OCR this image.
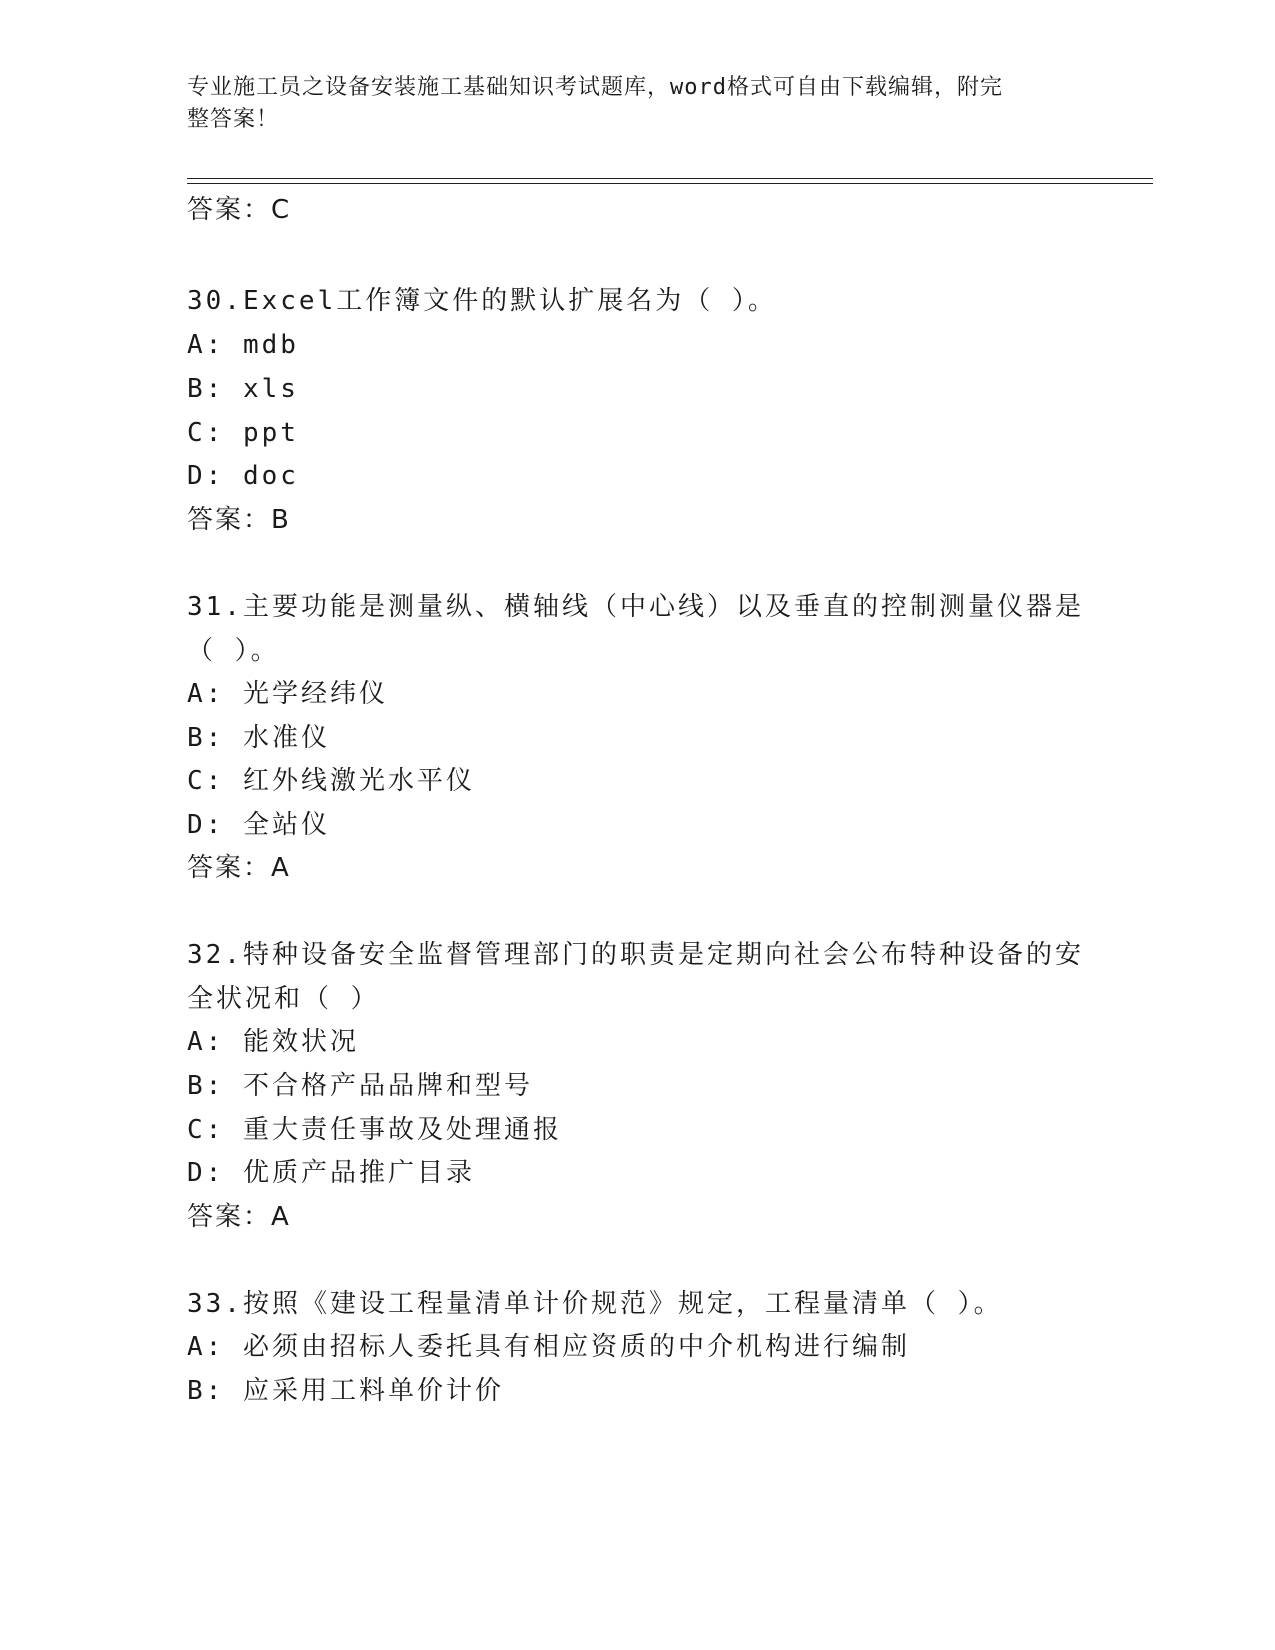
专业施工员之设备安装施工基础知识考试题库，word格式可自由下载编辑，附完
整答案！
答案：C
30.Excel工作簿文件的默认扩展名为（ ）。
A: mdb
B: xls
C: ppt
D: doc
答案：B
31.主要功能是测量纵、横轴线（中心线）以及垂直的控制测量仪器是
（ ）。
A: 光学经纬仪
B: 水准仪
C: 红外线激光水平仪
D: 全站仪
答案：A
32.特种设备安全监督管理部门的职责是定期向社会公布特种设备的安
全状况和（ ）
A: 能效状况
B: 不合格产品品牌和型号
C: 重大责任事故及处理通报
D: 优质产品推广目录
答案：A
33.按照《建设工程量清单计价规范》规定，工程量清单（ ）。
A: 必须由招标人委托具有相应资质的中介机构进行编制
B: 应采用工料单价计价
